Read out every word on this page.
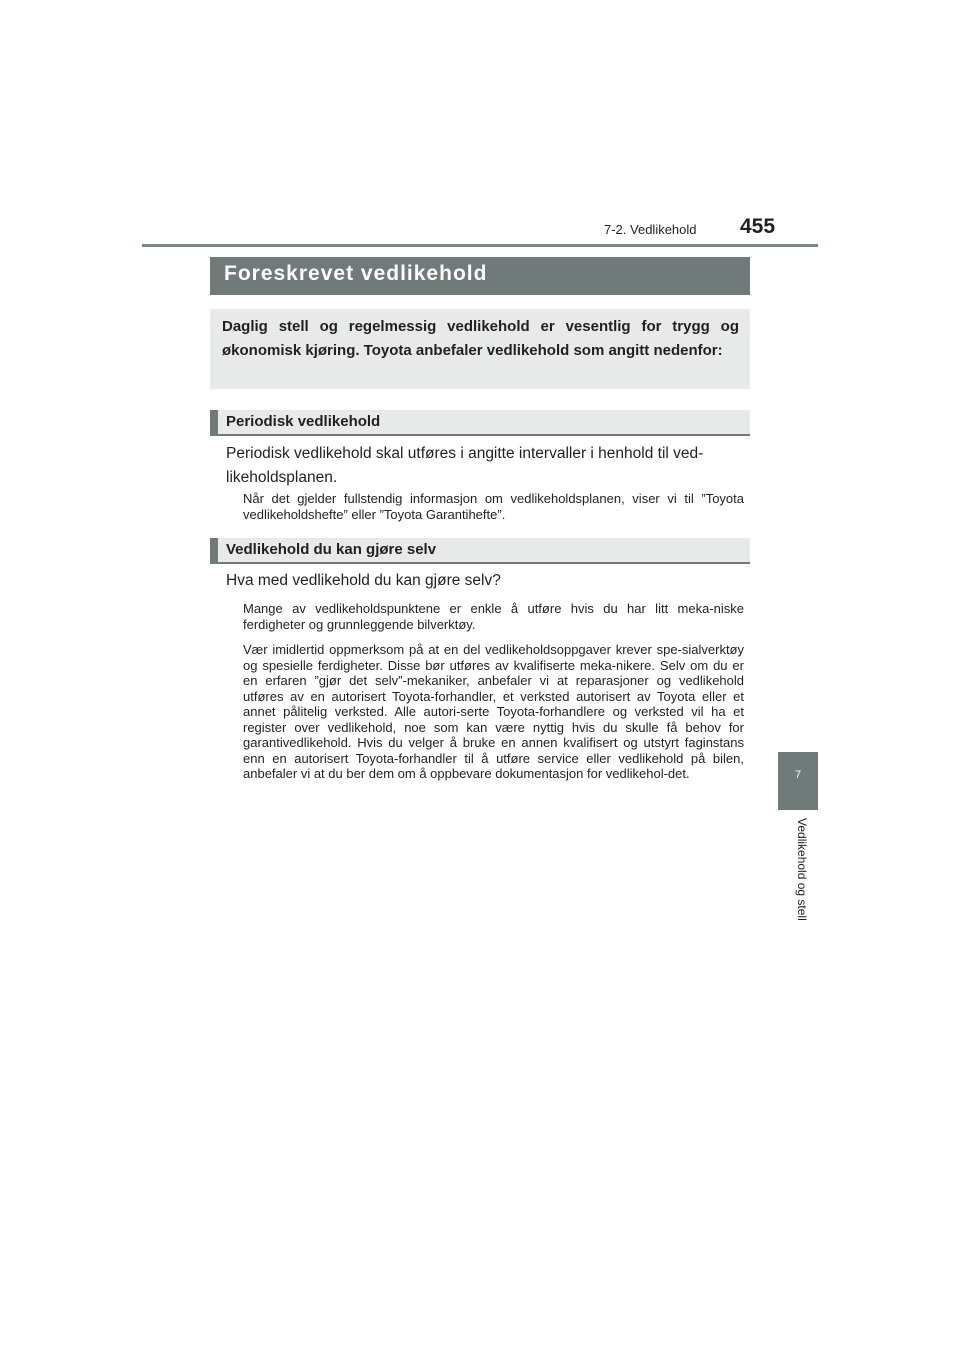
7-2. Vedlikehold 455
7
Vedlikehold og stell
Foreskrevet vedlikehold

Daglig stell og regelmessig vedlikehold er vesentlig for trygg og økonomisk kjøring. Toyota anbefaler vedlikehold som angitt nedenfor:

Periodisk vedlikehold

Periodisk vedlikehold skal utføres i angitte intervaller i henhold til ved-likeholdsplanen.

Når det gjelder fullstendig informasjon om vedlikeholdsplanen, viser vi til ”Toyota vedlikeholdshefte” eller ”Toyota Garantihefte”.

Vedlikehold du kan gjøre selv

Hva med vedlikehold du kan gjøre selv?

Mange av vedlikeholdspunktene er enkle å utføre hvis du har litt meka-niske ferdigheter og grunnleggende bilverktøy.

Vær imidlertid oppmerksom på at en del vedlikeholdsoppgaver krever spe-sialverktøy og spesielle ferdigheter. Disse bør utføres av kvalifiserte meka-nikere. Selv om du er en erfaren ”gjør det selv”-mekaniker, anbefaler vi at reparasjoner og vedlikehold utføres av en autorisert Toyota-forhandler, et verksted autorisert av Toyota eller et annet pålitelig verksted. Alle autori-serte Toyota-forhandlere og verksted vil ha et register over vedlikehold, noe som kan være nyttig hvis du skulle få behov for garantivedlikehold. Hvis du velger å bruke en annen kvalifisert og utstyrt faginstans enn en autorisert Toyota-forhandler til å utføre service eller vedlikehold på bilen, anbefaler vi at du ber dem om å oppbevare dokumentasjon for vedlikehol-det.
